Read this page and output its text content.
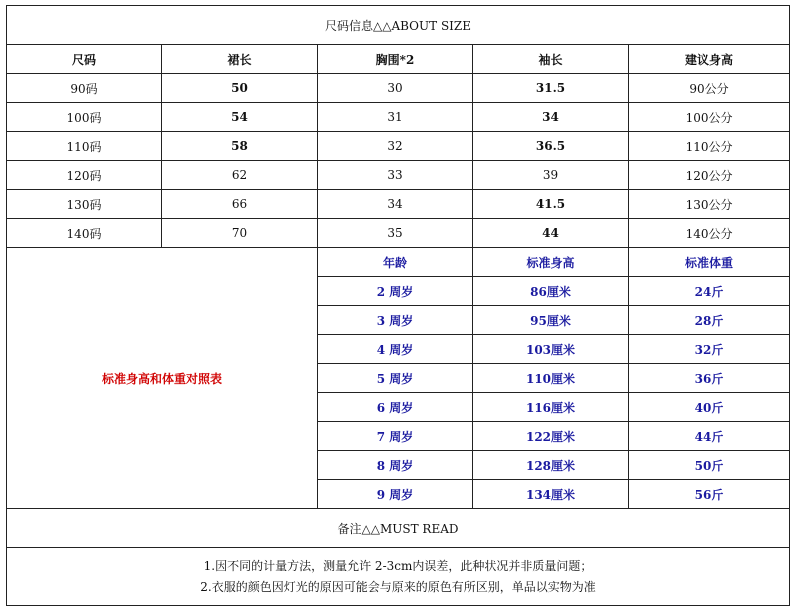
尺码信息△△ABOUT SIZE				
尺码	裙长	胸围*2	袖长	建议身高
90码	50	30	31.5	90公分
100码	54	31	34	100公分
110码	58	32	36.5	110公分
120码	62	33	39	120公分
130码	66	34	41.5	130公分
140码	70	35	44	140公分
标准身高和体重对照表		年龄	标准身高	标准体重
		2 周岁	86厘米	24斤
		3 周岁	95厘米	28斤
		4 周岁	103厘米	32斤
		5 周岁	110厘米	36斤
		6 周岁	116厘米	40斤
		7 周岁	122厘米	44斤
		8 周岁	128厘米	50斤
		9 周岁	134厘米	56斤
备注△△MUST READ				

1.因不同的计量方法，测量允许 2-3cm内误差，此种状况并非质量问题；
2.衣服的颜色因灯光的原因可能会与原来的原色有所区别，单品以实物为准				
